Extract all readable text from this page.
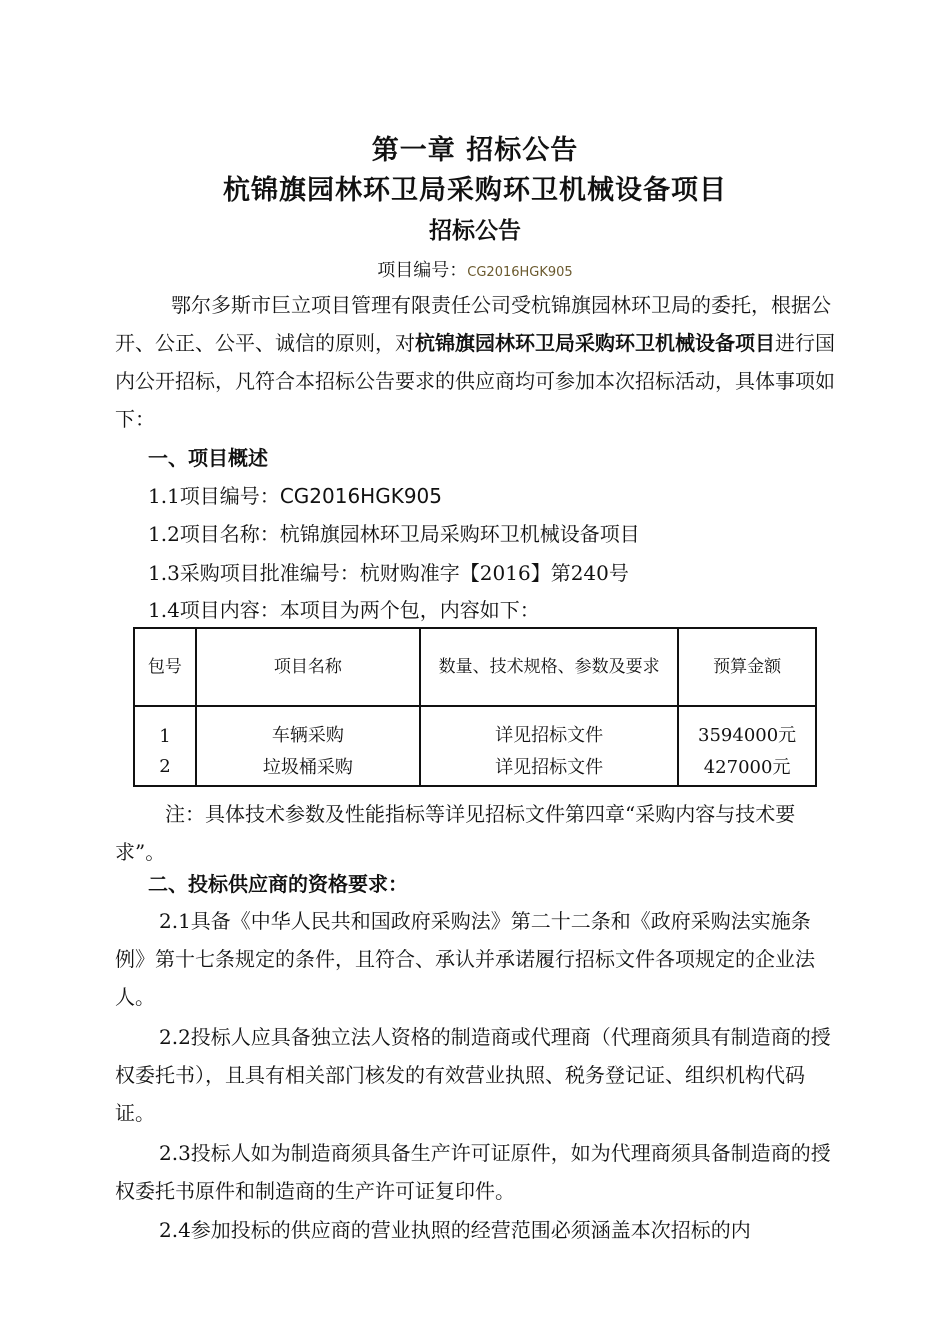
第一章 招标公告
杭锦旗园林环卫局采购环卫机械设备项目
招标公告
项目编号：CG2016HGK905
鄂尔多斯市巨立项目管理有限责任公司受杭锦旗园林环卫局的委托，根据公开、公正、公平、诚信的原则，对杭锦旗园林环卫局采购环卫机械设备项目进行国内公开招标，凡符合本招标公告要求的供应商均可参加本次招标活动，具体事项如下：
一、项目概述
1.1项目编号：CG2016HGK905
1.2项目名称：杭锦旗园林环卫局采购环卫机械设备项目
1.3采购项目批准编号：杭财购准字【2016】第240号
1.4项目内容：本项目为两个包，内容如下：
包号	项目名称	数量、技术规格、参数及要求	预算金额
1	车辆采购	详见招标文件	3594000元
2	垃圾桶采购	详见招标文件	427000元
注：具体技术参数及性能指标等详见招标文件第四章“采购内容与技术要求”。
二、投标供应商的资格要求：
2.1具备《中华人民共和国政府采购法》第二十二条和《政府采购法实施条例》第十七条规定的条件，且符合、承认并承诺履行招标文件各项规定的企业法人。
2.2投标人应具备独立法人资格的制造商或代理商（代理商须具有制造商的授权委托书），且具有相关部门核发的有效营业执照、税务登记证、组织机构代码证。
2.3投标人如为制造商须具备生产许可证原件，如为代理商须具备制造商的授权委托书原件和制造商的生产许可证复印件。
2.4参加投标的供应商的营业执照的经营范围必须涵盖本次招标的内
